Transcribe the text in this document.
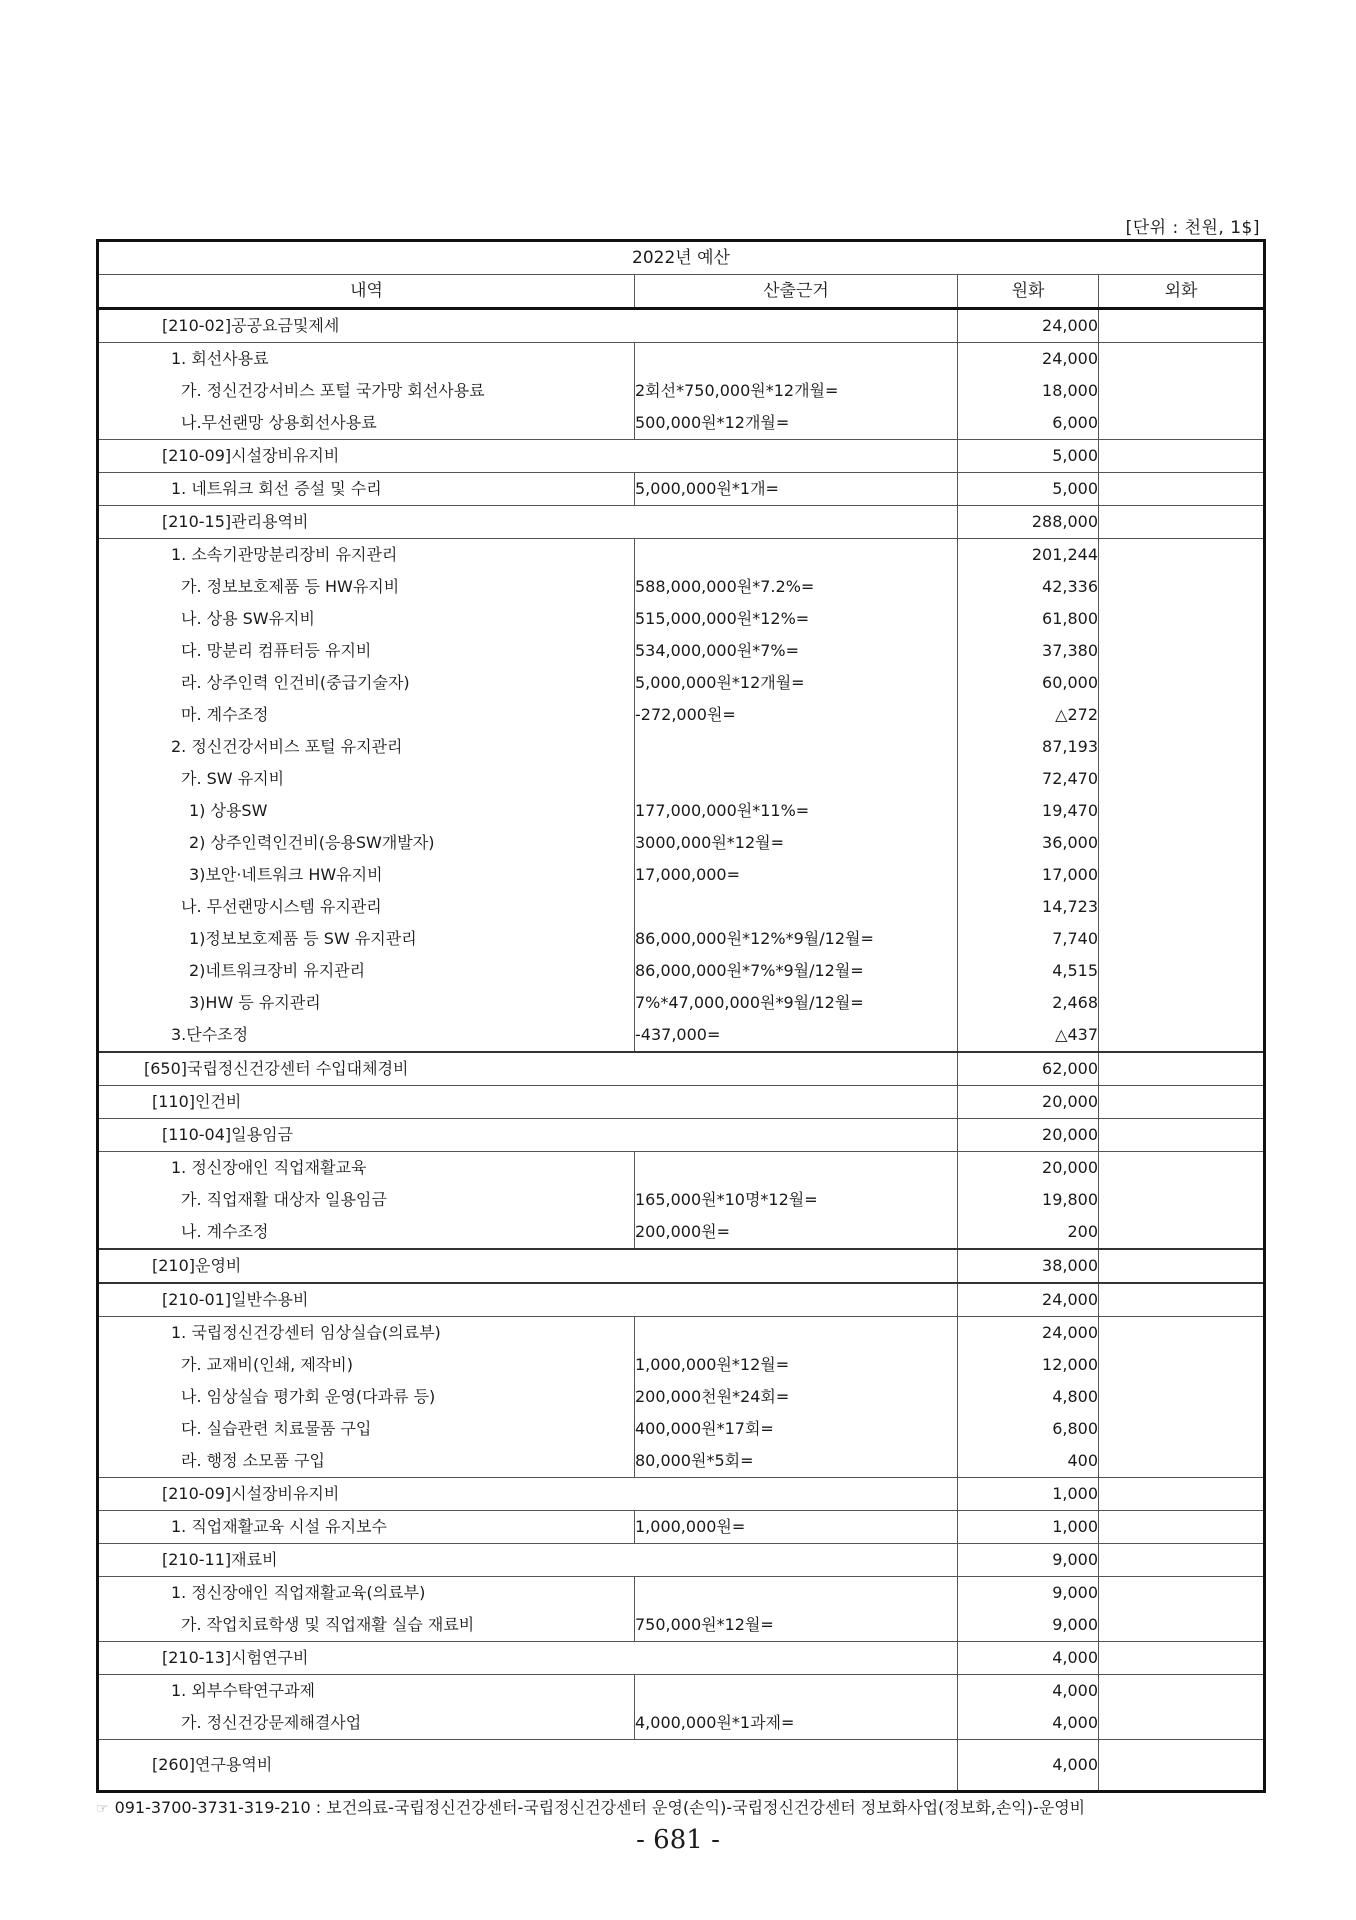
[단위 : 천원, 1$]
2022년 예산			
내역	산출근거	원화	외화
[210-02]공공요금및제세		24,000	
1. 회선사용료		24,000	
가. 정신건강서비스 포털 국가망 회선사용료	2회선*750,000원*12개월=	18,000	
나.무선랜망 상용회선사용료	500,000원*12개월=	6,000	
[210-09]시설장비유지비		5,000	
1. 네트워크 회선 증설 및 수리	5,000,000원*1개=	5,000	
[210-15]관리용역비		288,000	
1. 소속기관망분리장비 유지관리		201,244	
가. 정보보호제품 등 HW유지비	588,000,000원*7.2%=	42,336	
나. 상용 SW유지비	515,000,000원*12%=	61,800	
다. 망분리 컴퓨터등 유지비	534,000,000원*7%=	37,380	
라. 상주인력 인건비(중급기술자)	5,000,000원*12개월=	60,000	
마. 계수조정	-272,000원=	△272	
2. 정신건강서비스 포털 유지관리		87,193	
가. SW 유지비		72,470	
1) 상용SW	177,000,000원*11%=	19,470	
2) 상주인력인건비(응용SW개발자)	3000,000원*12월=	36,000	
3)보안·네트워크 HW유지비	17,000,000=	17,000	
나. 무선랜망시스템 유지관리		14,723	
1)정보보호제품 등 SW 유지관리	86,000,000원*12%*9월/12월=	7,740	
2)네트워크장비 유지관리	86,000,000원*7%*9월/12월=	4,515	
3)HW 등 유지관리	7%*47,000,000원*9월/12월=	2,468	
3.단수조정	-437,000=	△437	
[650]국립정신건강센터 수입대체경비		62,000	
[110]인건비		20,000	
[110-04]일용임금		20,000	
1. 정신장애인 직업재활교육		20,000	
가. 직업재활 대상자 일용임금	165,000원*10명*12월=	19,800	
나. 계수조정	200,000원=	200	
[210]운영비		38,000	
[210-01]일반수용비		24,000	
1. 국립정신건강센터 임상실습(의료부)		24,000	
가. 교재비(인쇄, 제작비)	1,000,000원*12월=	12,000	
나. 임상실습 평가회 운영(다과류 등)	200,000천원*24회=	4,800	
다. 실습관련 치료물품 구입	400,000원*17회=	6,800	
라. 행정 소모품 구입	80,000원*5회=	400	
[210-09]시설장비유지비		1,000	
1. 직업재활교육 시설 유지보수	1,000,000원=	1,000	
[210-11]재료비		9,000	
1. 정신장애인 직업재활교육(의료부)		9,000	
가. 작업치료학생 및 직업재활 실습 재료비	750,000원*12월=	9,000	
[210-13]시험연구비		4,000	
1. 외부수탁연구과제		4,000	
가. 정신건강문제해결사업	4,000,000원*1과제=	4,000	
[260]연구용역비		4,000	
☞ 091-3700-3731-319-210 : 보건의료-국립정신건강센터-국립정신건강센터 운영(손익)-국립정신건강센터 정보화사업(정보화,손익)-운영비
- 681 -
